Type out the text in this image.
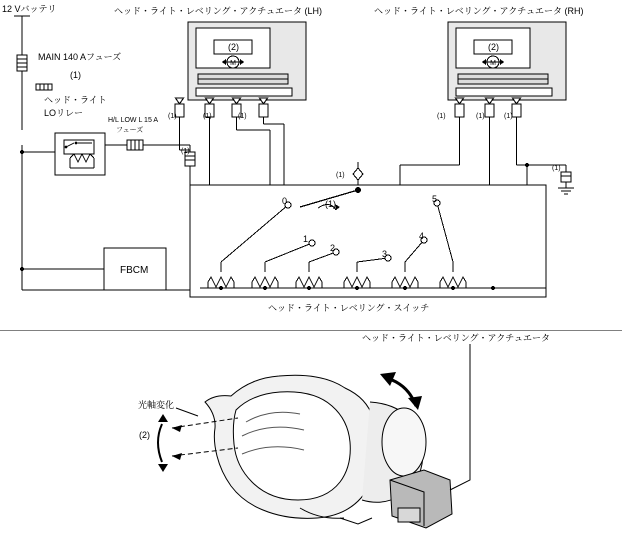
M	M
12 Vバッテリ
MAIN 140 Aフューズ
(1)
ヘッド・ライト
LOリレー
H/L LOW L 15 A
フューズ
ヘッド・ライト・レベリング・アクチュエータ (LH)	ヘッド・ライト・レベリング・アクチュエータ (RH)
(2)	(2)
(1)	(1)	(1)	(1)	(1)	(1)
(1)
(1)
(1)
FBCM
0
1
2
3
4
5
(1)
ヘッド・ライト・レベリング・スイッチ
ヘッド・ライト・レベリング・アクチュエータ
光軸変化
(2)
